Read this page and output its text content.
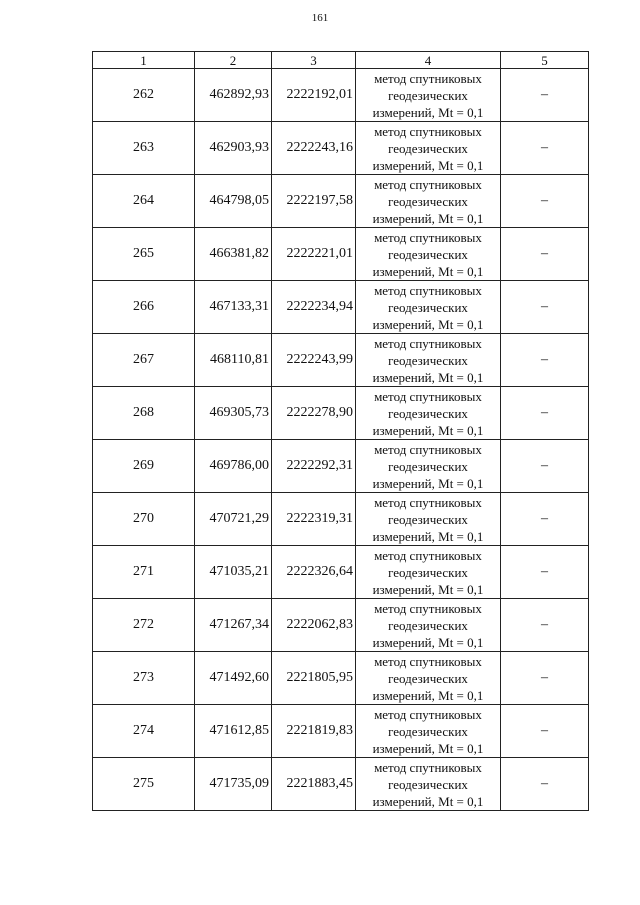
161
1	2	3	4	5
262	462892,93	2222192,01	метод спутниковых
геодезических
измерений, Mt = 0,1	–
263	462903,93	2222243,16	метод спутниковых
геодезических
измерений, Mt = 0,1	–
264	464798,05	2222197,58	метод спутниковых
геодезических
измерений, Mt = 0,1	–
265	466381,82	2222221,01	метод спутниковых
геодезических
измерений, Mt = 0,1	–
266	467133,31	2222234,94	метод спутниковых
геодезических
измерений, Mt = 0,1	–
267	468110,81	2222243,99	метод спутниковых
геодезических
измерений, Mt = 0,1	–
268	469305,73	2222278,90	метод спутниковых
геодезических
измерений, Mt = 0,1	–
269	469786,00	2222292,31	метод спутниковых
геодезических
измерений, Mt = 0,1	–
270	470721,29	2222319,31	метод спутниковых
геодезических
измерений, Mt = 0,1	–
271	471035,21	2222326,64	метод спутниковых
геодезических
измерений, Mt = 0,1	–
272	471267,34	2222062,83	метод спутниковых
геодезических
измерений, Mt = 0,1	–
273	471492,60	2221805,95	метод спутниковых
геодезических
измерений, Mt = 0,1	–
274	471612,85	2221819,83	метод спутниковых
геодезических
измерений, Mt = 0,1	–
275	471735,09	2221883,45	метод спутниковых
геодезических
измерений, Mt = 0,1	–
